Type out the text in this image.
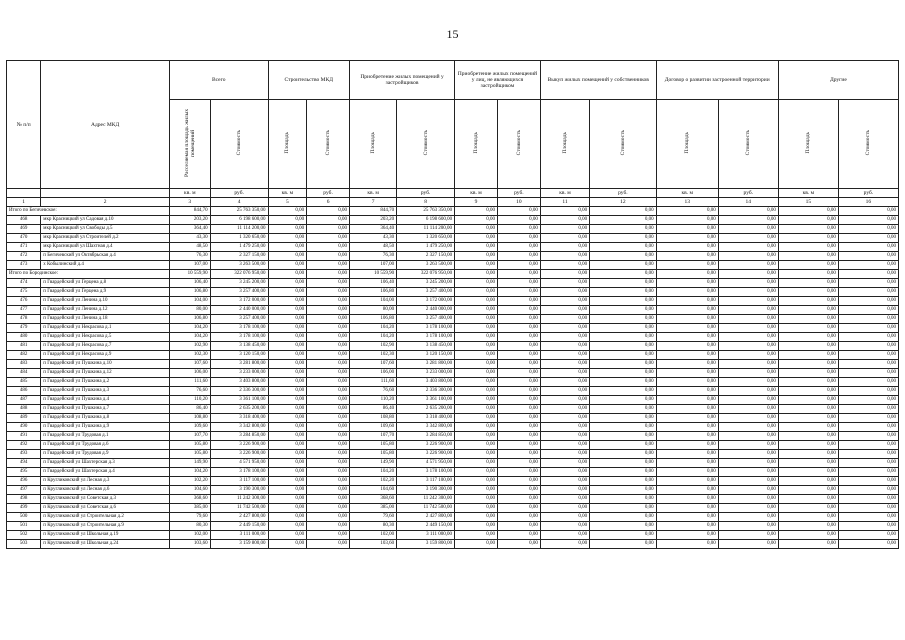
15
№ п/п	Адрес МКД	Всего		Строительство МКД		Приобретение жилых помещений у застройщиков		Приобретение жилых помещений у лиц, не являющихся застройщиком		Выкуп жилых помещений у собственников		Договор о развитии застроенной территории		Другие	
		Расселяемая площадь жилых помещений	Стоимость	Площадь	Стоимость	Площадь	Стоимость	Площадь	Стоимость	Площадь	Стоимость	Площадь	Стоимость	Площадь	Стоимость
		кв. м	руб.	кв. м	руб.	кв. м	руб.	кв. м	руб.	кв. м	руб.	кв. м	руб.	кв. м	руб.
1	2	3	4	5	6	7	8	9	10	11	12	13	14	15	16
Итого по Бегичевское:		844,70	25 763 350,00	0,00	0,00	844,70	25 763 350,00	0,00	0,00	0,00	0,00	0,00	0,00	0,00	0,00
468	мкр Красницкий ул Садовая д.10	203,20	6 198 600,00	0,00	0,00	203,20	6 198 600,00	0,00	0,00	0,00	0,00	0,00	0,00	0,00	0,00
469	мкр Красницкий ул Свободы д.5	364,40	11 114 200,00	0,00	0,00	364,40	11 114 200,00	0,00	0,00	0,00	0,00	0,00	0,00	0,00	0,00
470	мкр Красницкий ул Строителей д.2	43,30	1 320 650,00	0,00	0,00	43,30	1 320 650,00	0,00	0,00	0,00	0,00	0,00	0,00	0,00	0,00
471	мкр Красницкий ул Шахтная д.4	48,50	1 479 250,00	0,00	0,00	48,50	1 479 250,00	0,00	0,00	0,00	0,00	0,00	0,00	0,00	0,00
472	п Бегичевский ул Октябрьская д.4	76,30	2 327 150,00	0,00	0,00	76,30	2 327 150,00	0,00	0,00	0,00	0,00	0,00	0,00	0,00	0,00
473	х Кобылинский д.4	107,00	3 263 500,00	0,00	0,00	107,00	3 263 500,00	0,00	0,00	0,00	0,00	0,00	0,00	0,00	0,00
Итого по Бородинское:		10 559,90	322 076 950,00	0,00	0,00	10 559,90	322 076 950,00	0,00	0,00	0,00	0,00	0,00	0,00	0,00	0,00
474	п Гвардейский ул Герцена д.8	106,40	3 245 200,00	0,00	0,00	106,40	3 245 200,00	0,00	0,00	0,00	0,00	0,00	0,00	0,00	0,00
475	п Гвардейский ул Герцена д.9	106,80	3 257 400,00	0,00	0,00	106,80	3 257 400,00	0,00	0,00	0,00	0,00	0,00	0,00	0,00	0,00
476	п Гвардейский ул Ленина д.10	104,00	3 172 000,00	0,00	0,00	104,00	3 172 000,00	0,00	0,00	0,00	0,00	0,00	0,00	0,00	0,00
477	п Гвардейский ул Ленина д.12	80,00	2 440 000,00	0,00	0,00	80,00	2 440 000,00	0,00	0,00	0,00	0,00	0,00	0,00	0,00	0,00
478	п Гвардейский ул Ленина д.18	106,80	3 257 400,00	0,00	0,00	106,80	3 257 400,00	0,00	0,00	0,00	0,00	0,00	0,00	0,00	0,00
479	п Гвардейский ул Некрасова д.1	104,20	3 178 100,00	0,00	0,00	104,20	3 178 100,00	0,00	0,00	0,00	0,00	0,00	0,00	0,00	0,00
480	п Гвардейский ул Некрасова д.5	104,20	3 178 100,00	0,00	0,00	104,20	3 178 100,00	0,00	0,00	0,00	0,00	0,00	0,00	0,00	0,00
481	п Гвардейский ул Некрасова д.7	102,90	3 138 450,00	0,00	0,00	102,90	3 138 450,00	0,00	0,00	0,00	0,00	0,00	0,00	0,00	0,00
482	п Гвардейский ул Некрасова д.9	102,30	3 120 150,00	0,00	0,00	102,30	3 120 150,00	0,00	0,00	0,00	0,00	0,00	0,00	0,00	0,00
483	п Гвардейский ул Пушкина д.10	107,60	3 281 800,00	0,00	0,00	107,60	3 281 800,00	0,00	0,00	0,00	0,00	0,00	0,00	0,00	0,00
484	п Гвардейский ул Пушкина д.12	106,00	3 233 000,00	0,00	0,00	106,00	3 233 000,00	0,00	0,00	0,00	0,00	0,00	0,00	0,00	0,00
485	п Гвардейский ул Пушкина д.2	111,60	3 403 800,00	0,00	0,00	111,60	3 403 800,00	0,00	0,00	0,00	0,00	0,00	0,00	0,00	0,00
486	п Гвардейский ул Пушкина д.3	76,60	2 336 300,00	0,00	0,00	76,60	2 336 300,00	0,00	0,00	0,00	0,00	0,00	0,00	0,00	0,00
487	п Гвардейский ул Пушкина д.4	110,20	3 361 100,00	0,00	0,00	110,20	3 361 100,00	0,00	0,00	0,00	0,00	0,00	0,00	0,00	0,00
488	п Гвардейский ул Пушкина д.7	86,40	2 635 200,00	0,00	0,00	86,40	2 635 200,00	0,00	0,00	0,00	0,00	0,00	0,00	0,00	0,00
489	п Гвардейский ул Пушкина д.8	108,80	3 318 400,00	0,00	0,00	108,80	3 318 400,00	0,00	0,00	0,00	0,00	0,00	0,00	0,00	0,00
490	п Гвардейский ул Пушкина д.9	109,60	3 342 800,00	0,00	0,00	109,60	3 342 800,00	0,00	0,00	0,00	0,00	0,00	0,00	0,00	0,00
491	п Гвардейский ул Трудовая д.1	107,70	3 284 850,00	0,00	0,00	107,70	3 284 850,00	0,00	0,00	0,00	0,00	0,00	0,00	0,00	0,00
492	п Гвардейский ул Трудовая д.6	105,80	3 226 900,00	0,00	0,00	105,80	3 226 900,00	0,00	0,00	0,00	0,00	0,00	0,00	0,00	0,00
493	п Гвардейский ул Трудовая д.9	105,80	3 226 900,00	0,00	0,00	105,80	3 226 900,00	0,00	0,00	0,00	0,00	0,00	0,00	0,00	0,00
494	п Гвардейский ул Шахтерская д.3	149,90	4 571 950,00	0,00	0,00	149,90	4 571 950,00	0,00	0,00	0,00	0,00	0,00	0,00	0,00	0,00
495	п Гвардейский ул Шахтерская д.4	104,20	3 178 100,00	0,00	0,00	104,20	3 178 100,00	0,00	0,00	0,00	0,00	0,00	0,00	0,00	0,00
496	п Кругликовский ул Лесная д.3	102,20	3 117 100,00	0,00	0,00	102,20	3 117 100,00	0,00	0,00	0,00	0,00	0,00	0,00	0,00	0,00
497	п Кругликовский ул Лесная д.6	104,60	3 190 300,00	0,00	0,00	104,60	3 190 300,00	0,00	0,00	0,00	0,00	0,00	0,00	0,00	0,00
498	п Кругликовский ул Советская д.3	368,60	11 242 300,00	0,00	0,00	368,60	11 242 300,00	0,00	0,00	0,00	0,00	0,00	0,00	0,00	0,00
499	п Кругликовский ул Советская д.6	385,00	11 742 500,00	0,00	0,00	385,00	11 742 500,00	0,00	0,00	0,00	0,00	0,00	0,00	0,00	0,00
500	п Кругликовский ул Строительная д.2	79,60	2 427 800,00	0,00	0,00	79,60	2 427 800,00	0,00	0,00	0,00	0,00	0,00	0,00	0,00	0,00
501	п Кругликовский ул Строительная д.9	80,30	2 449 150,00	0,00	0,00	80,30	2 449 150,00	0,00	0,00	0,00	0,00	0,00	0,00	0,00	0,00
502	п Кругликовский ул Школьная д.19	102,00	3 111 000,00	0,00	0,00	102,00	3 111 000,00	0,00	0,00	0,00	0,00	0,00	0,00	0,00	0,00
503	п Кругликовский ул Школьная д.24	103,60	3 159 800,00	0,00	0,00	103,60	3 159 800,00	0,00	0,00	0,00	0,00	0,00	0,00	0,00	0,00
